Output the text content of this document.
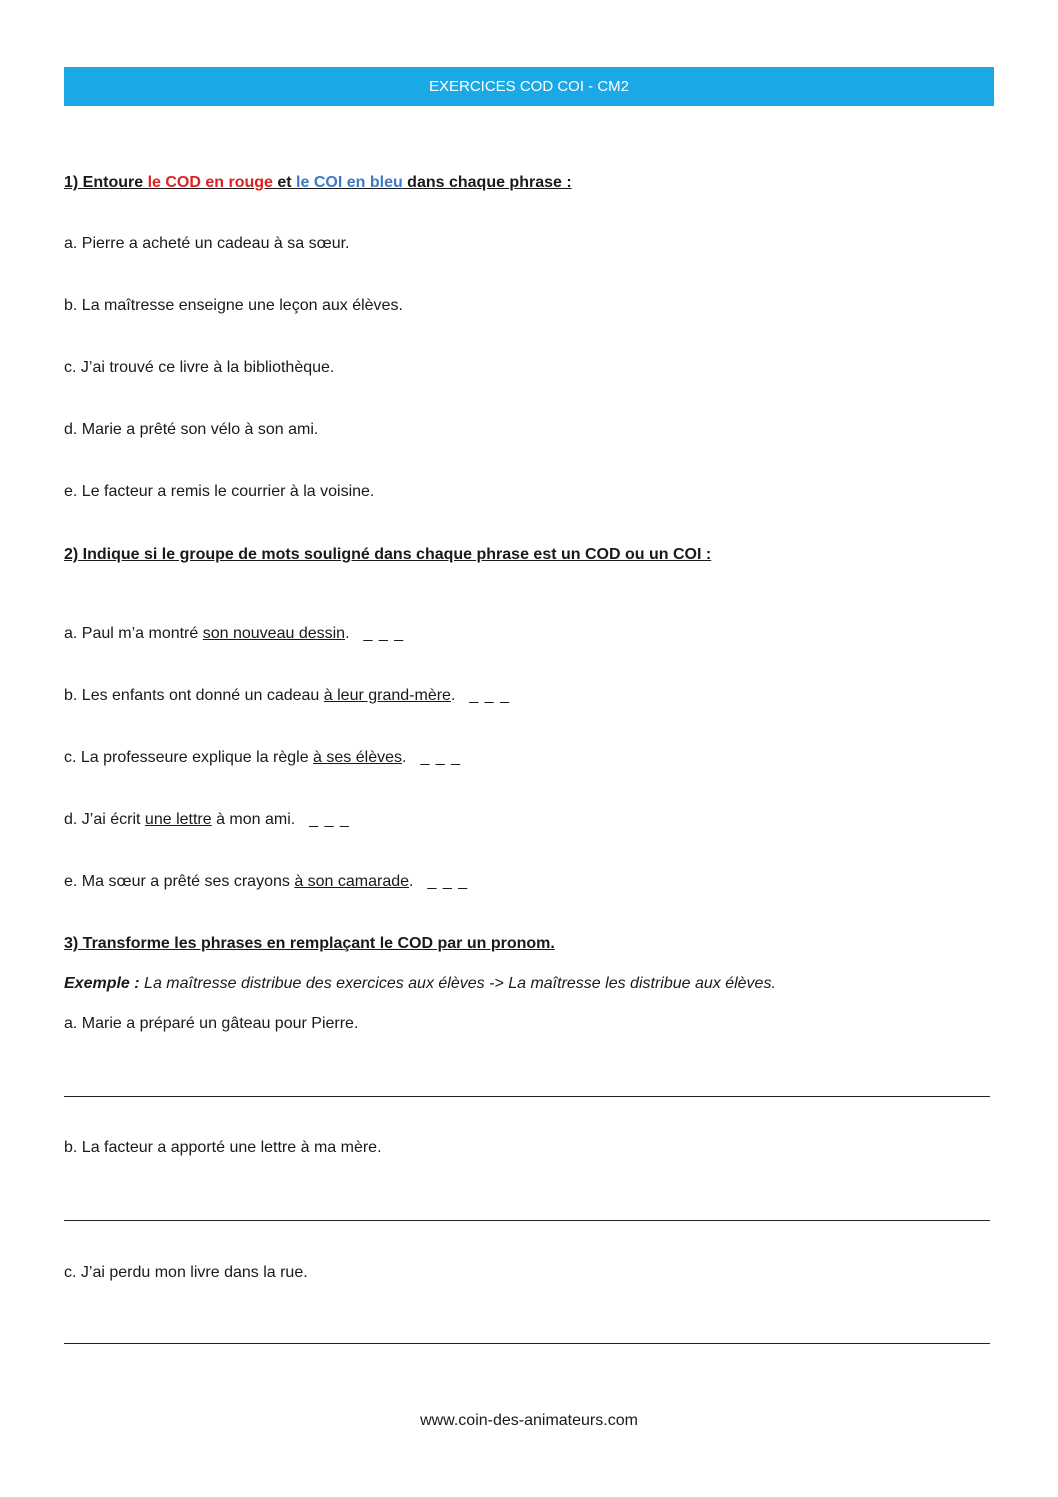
EXERCICES COD COI - CM2
1) Entoure le COD en rouge et le COI en bleu dans chaque phrase :
a. Pierre a acheté un cadeau à sa sœur.
b. La maîtresse enseigne une leçon aux élèves.
c. J’ai trouvé ce livre à la bibliothèque.
d. Marie a prêté son vélo à son ami.
e. Le facteur a remis le courrier à la voisine.
2) Indique si le groupe de mots souligné dans chaque phrase est un COD ou un COI :
a. Paul m’a montré son nouveau dessin. _ _ _
b. Les enfants ont donné un cadeau à leur grand-mère. _ _ _
c. La professeure explique la règle à ses élèves. _ _ _
d. J’ai écrit une lettre à mon ami. _ _ _
e. Ma sœur a prêté ses crayons à son camarade. _ _ _
3) Transforme les phrases en remplaçant le COD par un pronom.
Exemple : La maîtresse distribue des exercices aux élèves -> La maîtresse les distribue aux élèves.
a. Marie a préparé un gâteau pour Pierre.
b. La facteur a apporté une lettre à ma mère.
c. J’ai perdu mon livre dans la rue.
www.coin-des-animateurs.com
